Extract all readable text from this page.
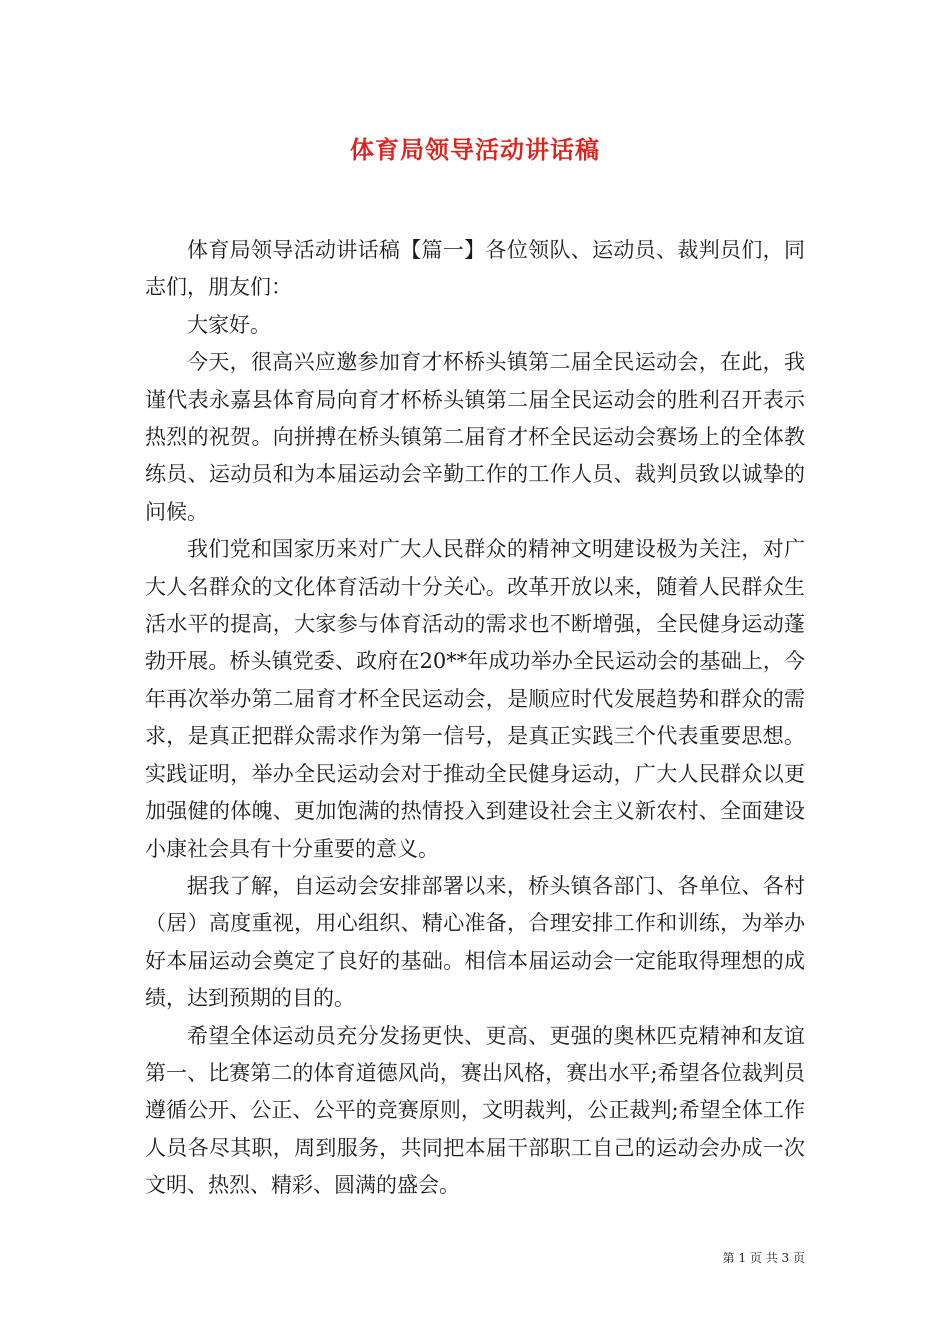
体育局领导活动讲话稿

体育局领导活动讲话稿【篇一】各位领队、运动员、裁判员们，同志们，朋友们：

大家好。

今天，很高兴应邀参加育才杯桥头镇第二届全民运动会，在此，我谨代表永嘉县体育局向育才杯桥头镇第二届全民运动会的胜利召开表示热烈的祝贺。向拼搏在桥头镇第二届育才杯全民运动会赛场上的全体教练员、运动员和为本届运动会辛勤工作的工作人员、裁判员致以诚挚的问候。

我们党和国家历来对广大人民群众的精神文明建设极为关注，对广大人名群众的文化体育活动十分关心。改革开放以来，随着人民群众生活水平的提高，大家参与体育活动的需求也不断增强，全民健身运动蓬勃开展。桥头镇党委、政府在20**年成功举办全民运动会的基础上，今年再次举办第二届育才杯全民运动会，是顺应时代发展趋势和群众的需求，是真正把群众需求作为第一信号，是真正实践三个代表重要思想。实践证明，举办全民运动会对于推动全民健身运动，广大人民群众以更加强健的体魄、更加饱满的热情投入到建设社会主义新农村、全面建设小康社会具有十分重要的意义。

据我了解，自运动会安排部署以来，桥头镇各部门、各单位、各村（居）高度重视，用心组织、精心准备，合理安排工作和训练，为举办好本届运动会奠定了良好的基础。相信本届运动会一定能取得理想的成绩，达到预期的目的。

希望全体运动员充分发扬更快、更高、更强的奥林匹克精神和友谊第一、比赛第二的体育道德风尚，赛出风格，赛出水平;希望各位裁判员遵循公开、公正、公平的竞赛原则，文明裁判，公正裁判;希望全体工作人员各尽其职，周到服务，共同把本届干部职工自己的运动会办成一次文明、热烈、精彩、圆满的盛会。

第 1 页 共 3 页
